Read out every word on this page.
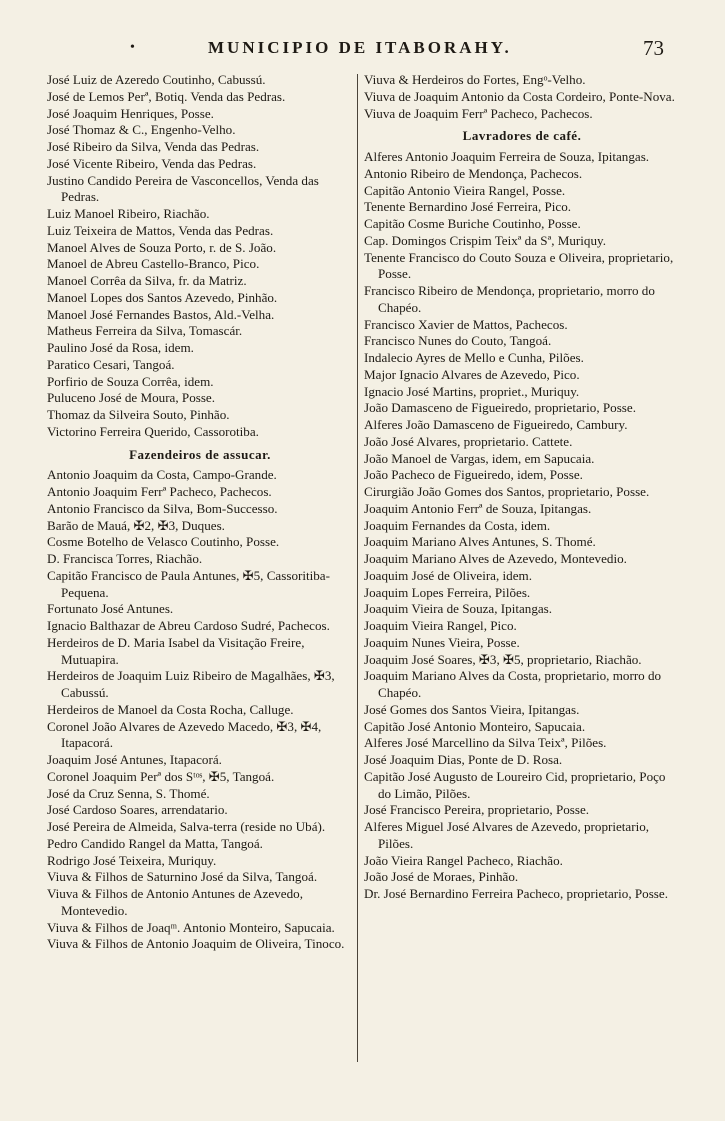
•	MUNICIPIO DE ITABORAHY.	73
José Luiz de Azeredo Coutinho, Cabussú.
José de Lemos Perª, Botiq. Venda das Pedras.
José Joaquim Henriques, Posse.
José Thomaz & C., Engenho-Velho.
José Ribeiro da Silva, Venda das Pedras.
José Vicente Ribeiro, Venda das Pedras.
Justino Candido Pereira de Vasconcellos, Venda das Pedras.
Luiz Manoel Ribeiro, Riachão.
Luiz Teixeira de Mattos, Venda das Pedras.
Manoel Alves de Souza Porto, r. de S. João.
Manoel de Abreu Castello-Branco, Pico.
Manoel Corrêa da Silva, fr. da Matriz.
Manoel Lopes dos Santos Azevedo, Pinhão.
Manoel José Fernandes Bastos, Ald.-Velha.
Matheus Ferreira da Silva, Tomascár.
Paulino José da Rosa, idem.
Paratico Cesari, Tangoá.
Porfirio de Souza Corrêa, idem.
Puluceno José de Moura, Posse.
Thomaz da Silveira Souto, Pinhão.
Victorino Ferreira Querido, Cassorotiba.
Fazendeiros de assucar.
Antonio Joaquim da Costa, Campo-Grande.
Antonio Joaquim Ferrª Pacheco, Pachecos.
Antonio Francisco da Silva, Bom-Successo.
Barão de Mauá, ✠2, ✠3, Duques.
Cosme Botelho de Velasco Coutinho, Posse.
D. Francisca Torres, Riachão.
Capitão Francisco de Paula Antunes, ✠5, Cassoritiba-Pequena.
Fortunato José Antunes.
Ignacio Balthazar de Abreu Cardoso Sudré, Pachecos.
Herdeiros de D. Maria Isabel da Visitação Freire, Mutuapira.
Herdeiros de Joaquim Luiz Ribeiro de Magalhães, ✠3, Cabussú.
Herdeiros de Manoel da Costa Rocha, Calluge.
Coronel João Alvares de Azevedo Macedo, ✠3, ✠4, Itapacorá.
Joaquim José Antunes, Itapacorá.
Coronel Joaquim Perª dos Sᵗᵒˢ, ✠5, Tangoá.
José da Cruz Senna, S. Thomé.
José Cardoso Soares, arrendatario.
José Pereira de Almeida, Salva-terra (reside no Ubá).
Pedro Candido Rangel da Matta, Tangoá.
Rodrigo José Teixeira, Muriquy.
Viuva & Filhos de Saturnino José da Silva, Tangoá.
Viuva & Filhos de Antonio Antunes de Azevedo, Montevedio.
Viuva & Filhos de Joaqᵐ. Antonio Monteiro, Sapucaia.
Viuva & Filhos de Antonio Joaquim de Oliveira, Tinoco.
Viuva & Herdeiros do Fortes, Engᵒ-Velho.
Viuva de Joaquim Antonio da Costa Cordeiro, Ponte-Nova.
Viuva de Joaquim Ferrª Pacheco, Pachecos.
Lavradores de café.
Alferes Antonio Joaquim Ferreira de Souza, Ipitangas.
Antonio Ribeiro de Mendonça, Pachecos.
Capitão Antonio Vieira Rangel, Posse.
Tenente Bernardino José Ferreira, Pico.
Capitão Cosme Buriche Coutinho, Posse.
Cap. Domingos Crispim Teixª da Sª, Muriquy.
Tenente Francisco do Couto Souza e Oliveira, proprietario, Posse.
Francisco Ribeiro de Mendonça, proprietario, morro do Chapéo.
Francisco Xavier de Mattos, Pachecos.
Francisco Nunes do Couto, Tangoá.
Indalecio Ayres de Mello e Cunha, Pilões.
Major Ignacio Alvares de Azevedo, Pico.
Ignacio José Martins, propriet., Muriquy.
João Damasceno de Figueiredo, proprietario, Posse.
Alferes João Damasceno de Figueiredo, Cambury.
João José Alvares, proprietario. Cattete.
João Manoel de Vargas, idem, em Sapucaia.
João Pacheco de Figueiredo, idem, Posse.
Cirurgião João Gomes dos Santos, proprietario, Posse.
Joaquim Antonio Ferrª de Souza, Ipitangas.
Joaquim Fernandes da Costa, idem.
Joaquim Mariano Alves Antunes, S. Thomé.
Joaquim Mariano Alves de Azevedo, Montevedio.
Joaquim José de Oliveira, idem.
Joaquim Lopes Ferreira, Pilões.
Joaquim Vieira de Souza, Ipitangas.
Joaquim Vieira Rangel, Pico.
Joaquim Nunes Vieira, Posse.
Joaquim José Soares, ✠3, ✠5, proprietario, Riachão.
Joaquim Mariano Alves da Costa, proprietario, morro do Chapéo.
José Gomes dos Santos Vieira, Ipitangas.
Capitão José Antonio Monteiro, Sapucaia.
Alferes José Marcellino da Silva Teixª, Pilões.
José Joaquim Dias, Ponte de D. Rosa.
Capitão José Augusto de Loureiro Cid, proprietario, Poço do Limão, Pilões.
José Francisco Pereira, proprietario, Posse.
Alferes Miguel José Alvares de Azevedo, proprietario, Pilões.
João Vieira Rangel Pacheco, Riachão.
João José de Moraes, Pinhão.
Dr. José Bernardino Ferreira Pacheco, proprietario, Posse.
